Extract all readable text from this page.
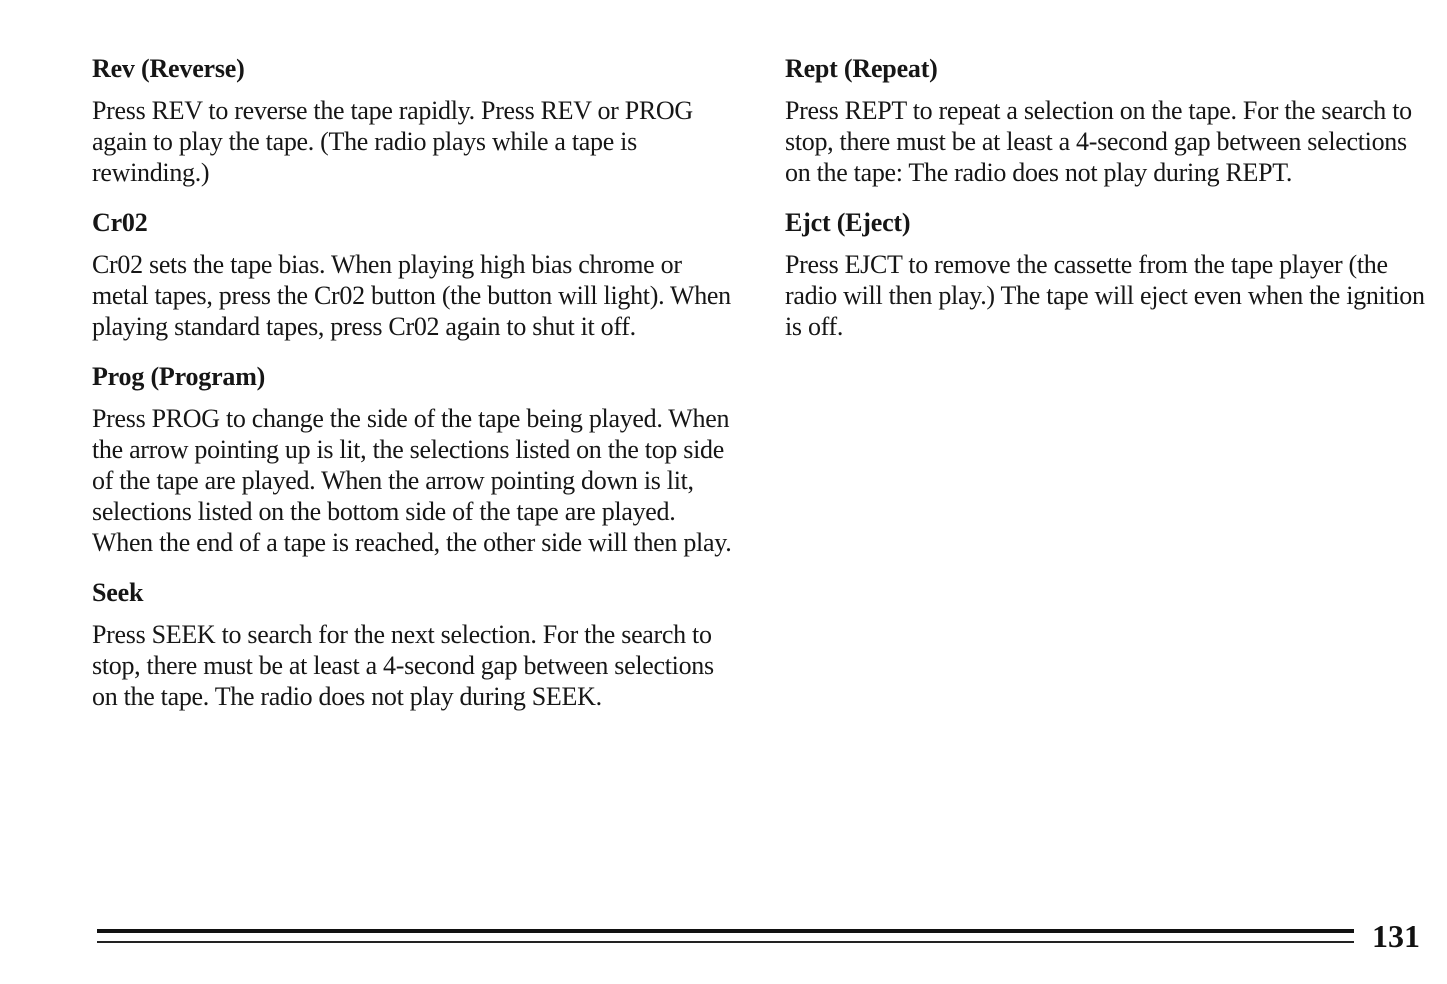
Rev (Reverse)

Press REV to reverse the tape rapidly. Press REV or PROG again to play the tape. (The radio plays while a tape is rewinding.)

Cr02

Cr02 sets the tape bias. When playing high bias chrome or metal tapes, press the Cr02 button (the button will light). When playing standard tapes, press Cr02 again to shut it off.

Prog (Program)

Press PROG to change the side of the tape being played. When the arrow pointing up is lit, the selections listed on the top side of the tape are played. When the arrow pointing down is lit, selections listed on the bottom side of the tape are played. When the end of a tape is reached, the other side will then play.

Seek

Press SEEK to search for the next selection. For the search to stop, there must be at least a 4-second gap between selections on the tape. The radio does not play during SEEK.

Rept (Repeat)

Press REPT to repeat a selection on the tape. For the search to stop, there must be at least a 4-second gap between selections on the tape: The radio does not play during REPT.

Ejct (Eject)

Press EJCT to remove the cassette from the tape player (the radio will then play.) The tape will eject even when the ignition is off.

131
